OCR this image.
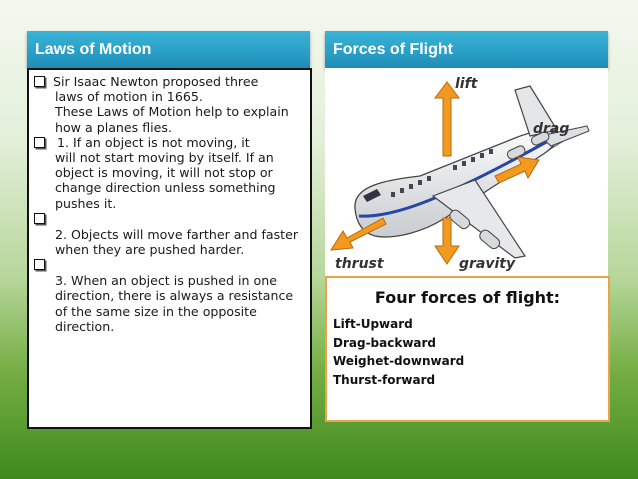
Laws of Motion	Forces of Flight
Sir Isaac Newton proposed three
laws of motion in 1665.
These Laws of Motion help to explain how a planes flies.
1. If an object is not moving, it
will not start moving by itself. If an object is moving, it will not stop or change direction unless something pushes it.
2. Objects will move farther and faster when they are pushed harder.
3. When an object is pushed in one direction, there is always a resistance of the same size in the opposite direction.
lift
drag
thrust	gravity
Four forces of flight:
Lift-Upward
Drag-backward
Weighet-downward
Thurst-forward
